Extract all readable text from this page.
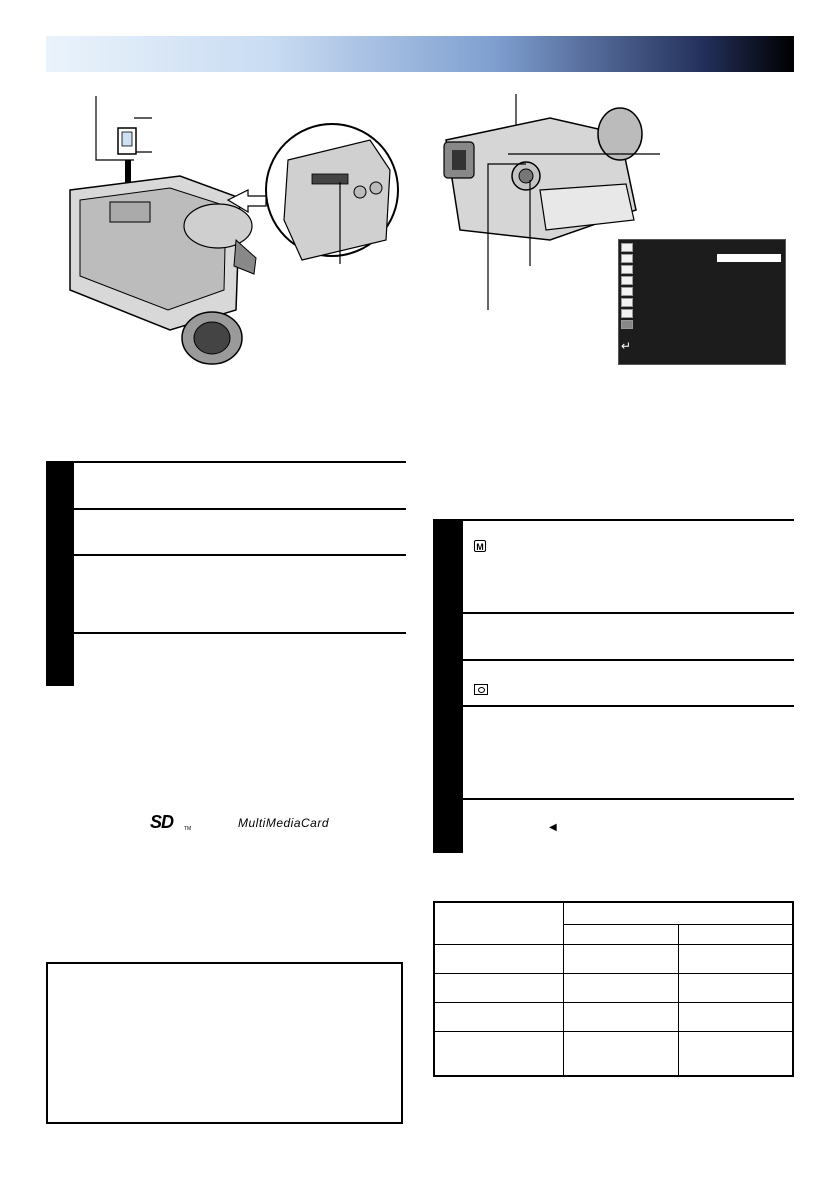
↵
SD TM	MultiMediaCard
M
◀
